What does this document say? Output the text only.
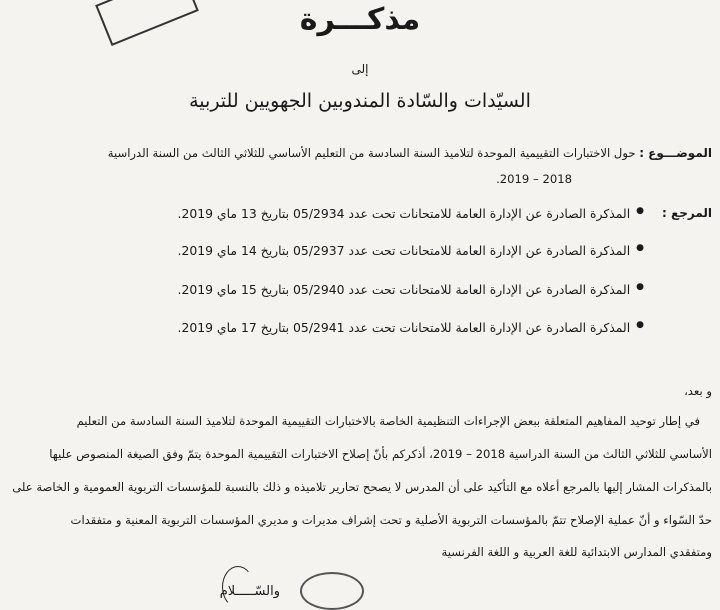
مذكـــرة
إلى
السيّدات والسّادة المندوبين الجهويين للتربية
الموضـــوع : حول الاختبارات التقييمية الموحدة لتلاميذ السنة السادسة من التعليم الأساسي للثلاثي الثالث من السنة الدراسية
2018 – 2019.
المرجع :
●المذكرة الصادرة عن الإدارة العامة للامتحانات تحت عدد 05/2934 بتاريخ 13 ماي 2019.
●المذكرة الصادرة عن الإدارة العامة للامتحانات تحت عدد 05/2937 بتاريخ 14 ماي 2019.
●المذكرة الصادرة عن الإدارة العامة للامتحانات تحت عدد 05/2940 بتاريخ 15 ماي 2019.
●المذكرة الصادرة عن الإدارة العامة للامتحانات تحت عدد 05/2941 بتاريخ 17 ماي 2019.
و بعد،
في إطار توحيد المفاهيم المتعلقة ببعض الإجراءات التنظيمية الخاصة بالاختبارات التقييمية الموحدة لتلاميذ السنة السادسة من التعليم
الأساسي للثلاثي الثالث من السنة الدراسية 2018 – 2019، أذكركم بأنّ إصلاح الاختبارات التقييمية الموحدة يتمّ وفق الصيغة المنصوص عليها
بالمذكرات المشار إليها بالمرجع أعلاه مع التأكيد على أن المدرس لا يصحح تحارير تلاميذه و ذلك بالنسبة للمؤسسات التربوية العمومية و الخاصة على
حدّ السّواء و أنّ عملية الإصلاح تتمّ بالمؤسسات التربوية الأصلية و تحت إشراف مديرات و مديري المؤسسات التربوية المعنية و متفقدات
ومتفقدي المدارس الابتدائية للغة العربية و اللغة الفرنسية
والسّـــــلام
